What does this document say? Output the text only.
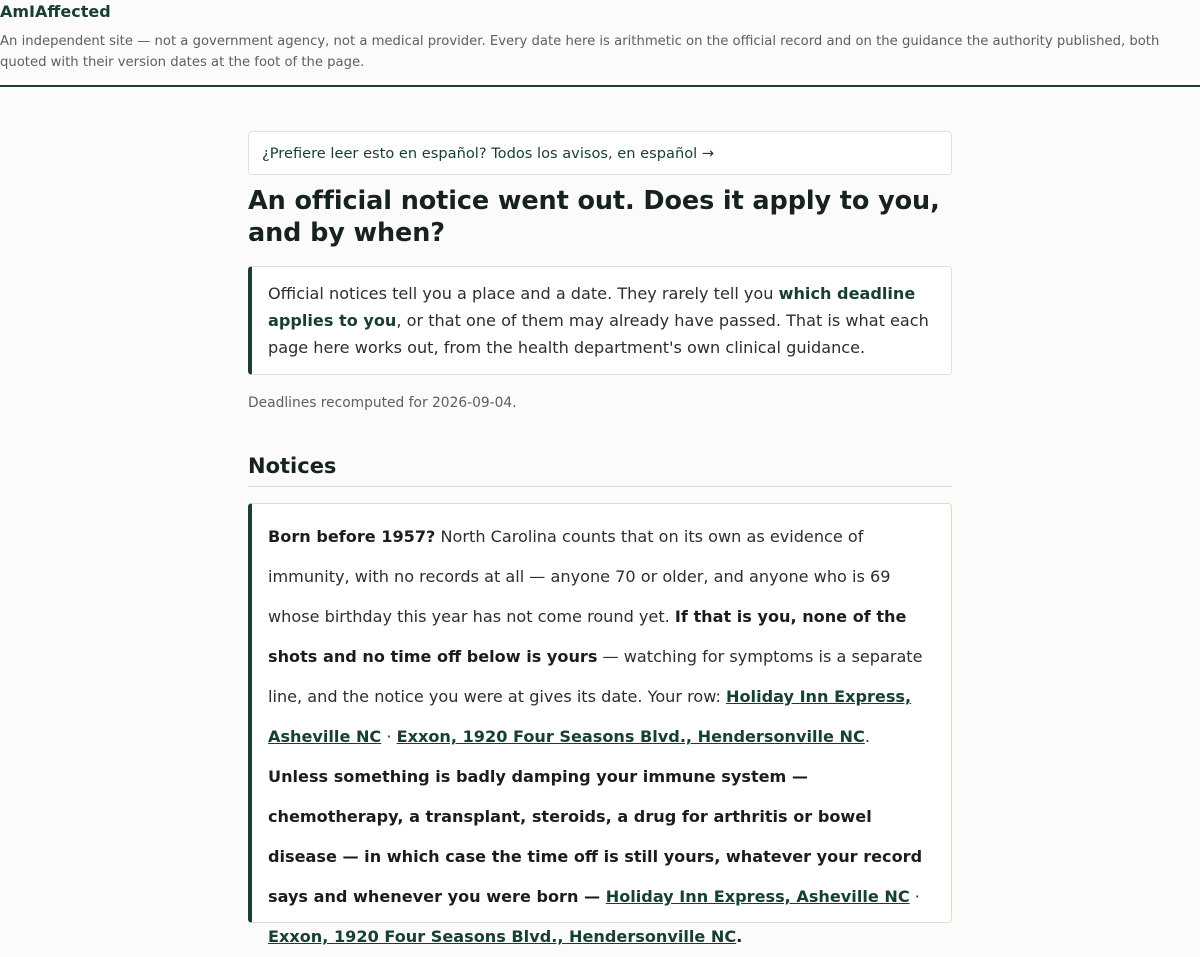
AmIAffected

An independent site — not a government agency, not a medical provider. Every date here is arithmetic on the official record and on the guidance the authority published, both quoted with their version dates at the foot of the page.

¿Prefiere leer esto en español? Todos los avisos, en español →
An official notice went out. Does it apply to you, and by when?
Official notices tell you a place and a date. They rarely tell you which deadline applies to you, or that one of them may already have passed. That is what each page here works out, from the health department's own clinical guidance.

Deadlines recomputed for 2026-09-04.

Notices
Born before 1957? North Carolina counts that on its own as evidence of immunity, with no records at all — anyone 70 or older, and anyone who is 69 whose birthday this year has not come round yet. If that is you, none of the shots and no time off below is yours — watching for symptoms is a separate line, and the notice you were at gives its date. Your row: Holiday Inn Express, Asheville NC · Exxon, 1920 Four Seasons Blvd., Hendersonville NC. Unless something is badly damping your immune system — chemotherapy, a transplant, steroids, a drug for arthritis or bowel disease — in which case the time off is still yours, whatever your record says and whenever you were born — Holiday Inn Express, Asheville NC · Exxon, 1920 Four Seasons Blvd., Hendersonville NC.
